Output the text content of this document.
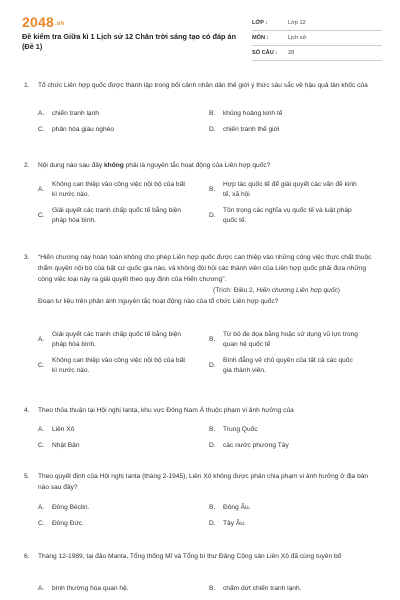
2048.vn
Đề kiểm tra Giữa kì 1 Lịch sử 12 Chân trời sáng tạo có đáp án (Đề 1)
LỚP :	Lớp 12
MÔN :	Lịch sử
SỐ CÂU :	28
1. Tổ chức Liên hợp quốc được thành lập trong bối cảnh nhân dân thế giới ý thức sâu sắc về hậu quả tàn khốc của
A.	chiến tranh lạnh	B.	khủng hoảng kinh tế
C.	phân hóa giàu nghèo	D.	chiến tranh thế giới
2. Nội dung nào sau đây không phải là nguyên tắc hoạt động của Liên hợp quốc?
A.
Không can thiệp vào công việc nội bộ của bất kì nước nào.
B.
Hợp tác quốc tế để giải quyết các vấn đề kinh tế, xã hội
C.
Giải quyết các tranh chấp quốc tế bằng biện pháp hòa bình.
D.
Tôn trọng các nghĩa vụ quốc tế và luật pháp quốc tế.
3. “Hiến chương này hoàn toàn không cho phép Liên hợp quốc được can thiệp vào những công việc thực chất thuộc thẩm quyền nội bộ của bất cứ quốc gia nào, và không đòi hỏi các thành viên của Liên hợp quốc phải đưa những công việc loại này ra giải quyết theo quy định của Hiến chương”.
(Trích: Điều 2, Hiến chương Liên hợp quốc)
Đoạn tư liệu trên phản ánh nguyên tắc hoạt động nào của tổ chức Liên hợp quốc?
A.
Giải quyết các tranh chấp quốc tế bằng biện pháp hòa bình.
B.
Từ bỏ đe dọa bằng hoặc sử dụng vũ lực trong quan hệ quốc tế
C.
Không can thiệp vào công việc nội bộ của bất kì nước nào.
D.
Bình đẳng về chủ quyền của tất cả các quốc gia thành viên.
4. Theo thỏa thuận tại Hội nghị Ianta, khu vực Đông Nam Á thuộc phạm vi ảnh hưởng của
A.	Liên Xô	B.	Trung Quốc
C.	Nhật Bản	D.	các nước phương Tây
5. Theo quyết định của Hội nghị Ianta (tháng 2-1945), Liên Xô không được phân chia phạm vi ảnh hưởng ở địa bàn nào sau đây?
A.	Đông Béclin.	B.	Đông Âu.
C.	Đông Đức.	D.	Tây Âu.
6. Tháng 12-1989, tại đảo Manta, Tổng thống Mĩ và Tổng bí thư Đảng Cộng sản Liên Xô đã cùng tuyên bố
A.	bình thường hóa quan hệ.	B.	chấm dứt chiến tranh lạnh.
